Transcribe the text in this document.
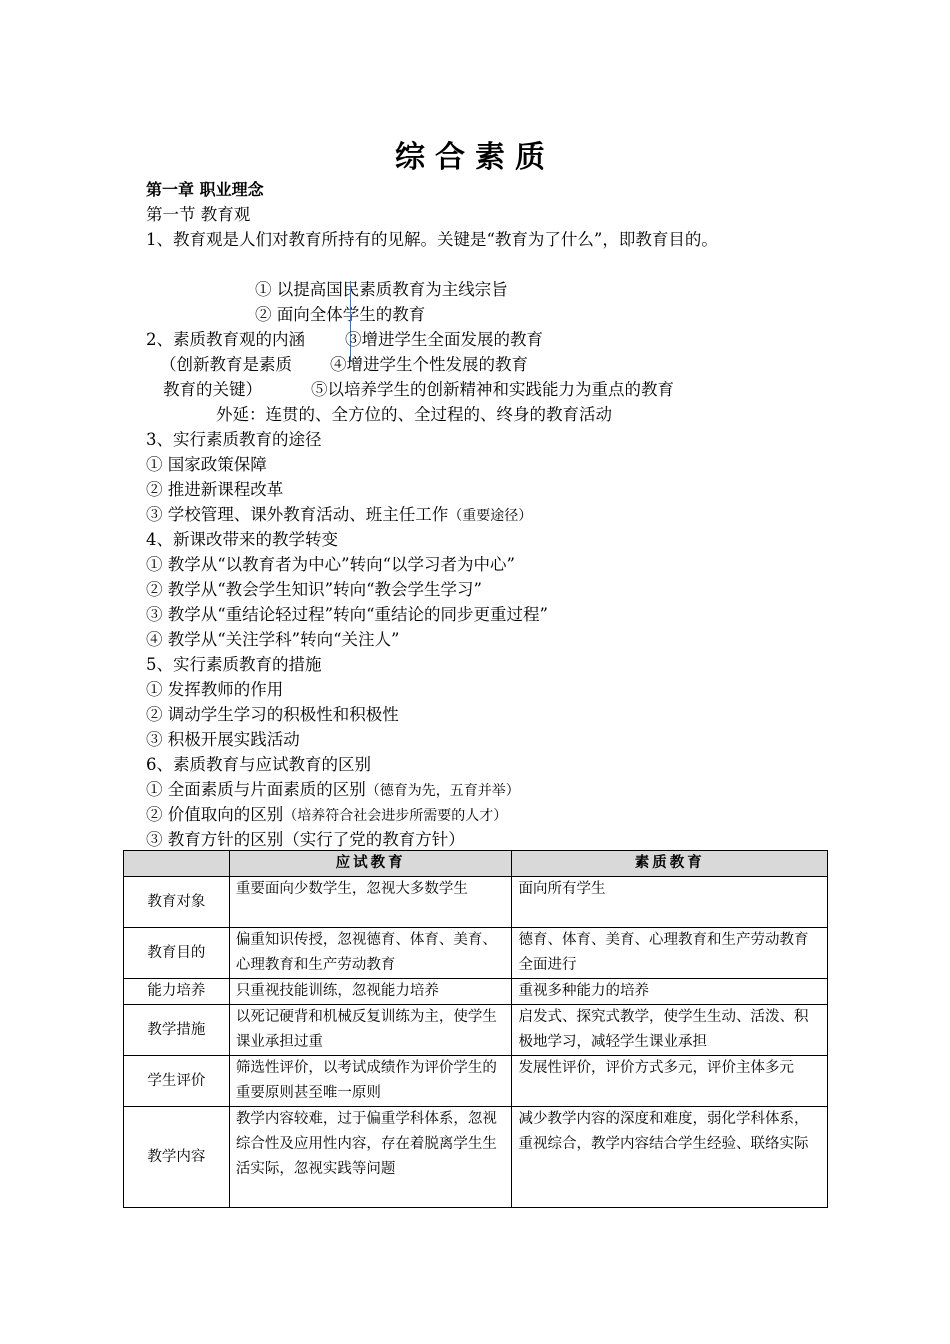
综合素质
第一章 职业理念
第一节 教育观
1、教育观是人们对教育所持有的见解。关键是“教育为了什么”，即教育目的。
① 以提高国民素质教育为主线宗旨
② 面向全体学生的教育
2、素质教育观的内涵 ③增进学生全面发展的教育
（创新教育是素质 ④增进学生个性发展的教育
教育的关键）	⑤以培养学生的创新精神和实践能力为重点的教育
外延：连贯的、全方位的、全过程的、终身的教育活动
3、实行素质教育的途径
① 国家政策保障
② 推进新课程改革
③ 学校管理、课外教育活动、班主任工作（重要途径）
4、新课改带来的教学转变
① 教学从“以教育者为中心”转向“以学习者为中心”
② 教学从“教会学生知识”转向“教会学生学习”
③ 教学从“重结论轻过程”转向“重结论的同步更重过程”
④ 教学从“关注学科”转向“关注人”
5、实行素质教育的措施
① 发挥教师的作用
② 调动学生学习的积极性和积极性
③ 积极开展实践活动
6、素质教育与应试教育的区别
① 全面素质与片面素质的区别（德育为先，五育并举）
② 价值取向的区别（培养符合社会进步所需要的人才）
③ 教育方针的区别（实行了党的教育方针）
	应试教育	素质教育
教育对象	重要面向少数学生，忽视大多数学生	面向所有学生
教育目的	偏重知识传授，忽视德育、体育、美育、心理教育和生产劳动教育	德育、体育、美育、心理教育和生产劳动教育全面进行
能力培养	只重视技能训练，忽视能力培养	重视多种能力的培养
教学措施	以死记硬背和机械反复训练为主，使学生课业承担过重	启发式、探究式教学，使学生生动、活泼、积极地学习，减轻学生课业承担
学生评价	筛选性评价，以考试成绩作为评价学生的重要原则甚至唯一原则	发展性评价，评价方式多元，评价主体多元
教学内容	教学内容较难，过于偏重学科体系，忽视综合性及应用性内容，存在着脱离学生生活实际，忽视实践等问题	减少教学内容的深度和难度，弱化学科体系，重视综合，教学内容结合学生经验、联络实际
